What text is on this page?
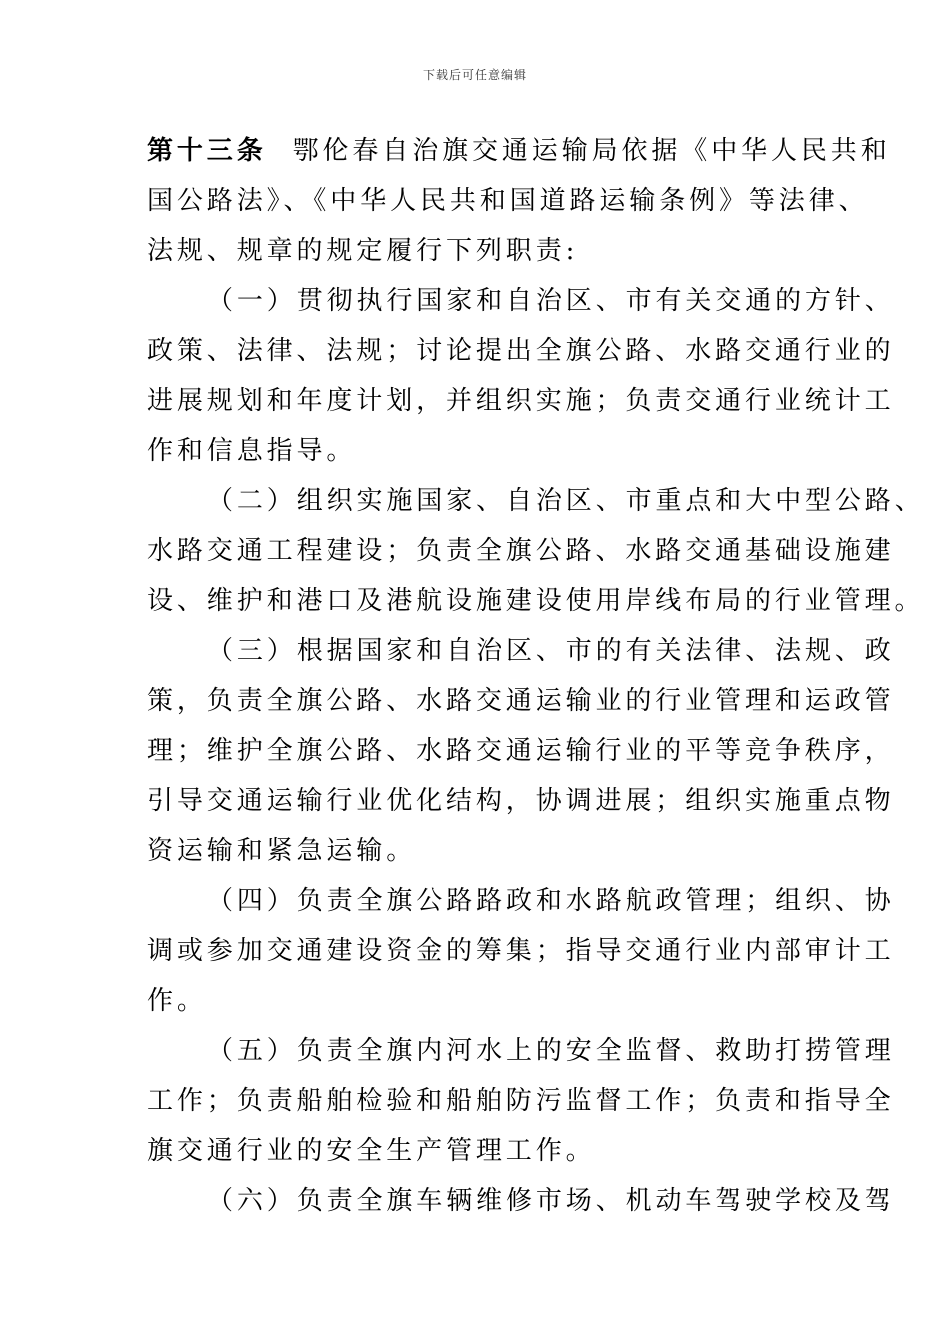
下载后可任意编辑
第十三条 鄂伦春自治旗交通运输局依据《中华人民共和
国公路法》、《中华人民共和国道路运输条例》等法律、
法规、规章的规定履行下列职责:
（一）贯彻执行国家和自治区、市有关交通的方针、
政策、法律、法规；讨论提出全旗公路、水路交通行业的
进展规划和年度计划，并组织实施；负责交通行业统计工
作和信息指导。
（二）组织实施国家、自治区、市重点和大中型公路、
水路交通工程建设；负责全旗公路、水路交通基础设施建
设、维护和港口及港航设施建设使用岸线布局的行业管理。
（三）根据国家和自治区、市的有关法律、法规、政
策，负责全旗公路、水路交通运输业的行业管理和运政管
理；维护全旗公路、水路交通运输行业的平等竞争秩序，
引导交通运输行业优化结构，协调进展；组织实施重点物
资运输和紧急运输。
（四）负责全旗公路路政和水路航政管理；组织、协
调或参加交通建设资金的筹集；指导交通行业内部审计工
作。
（五）负责全旗内河水上的安全监督、救助打捞管理
工作；负责船舶检验和船舶防污监督工作；负责和指导全
旗交通行业的安全生产管理工作。
（六）负责全旗车辆维修市场、机动车驾驶学校及驾
